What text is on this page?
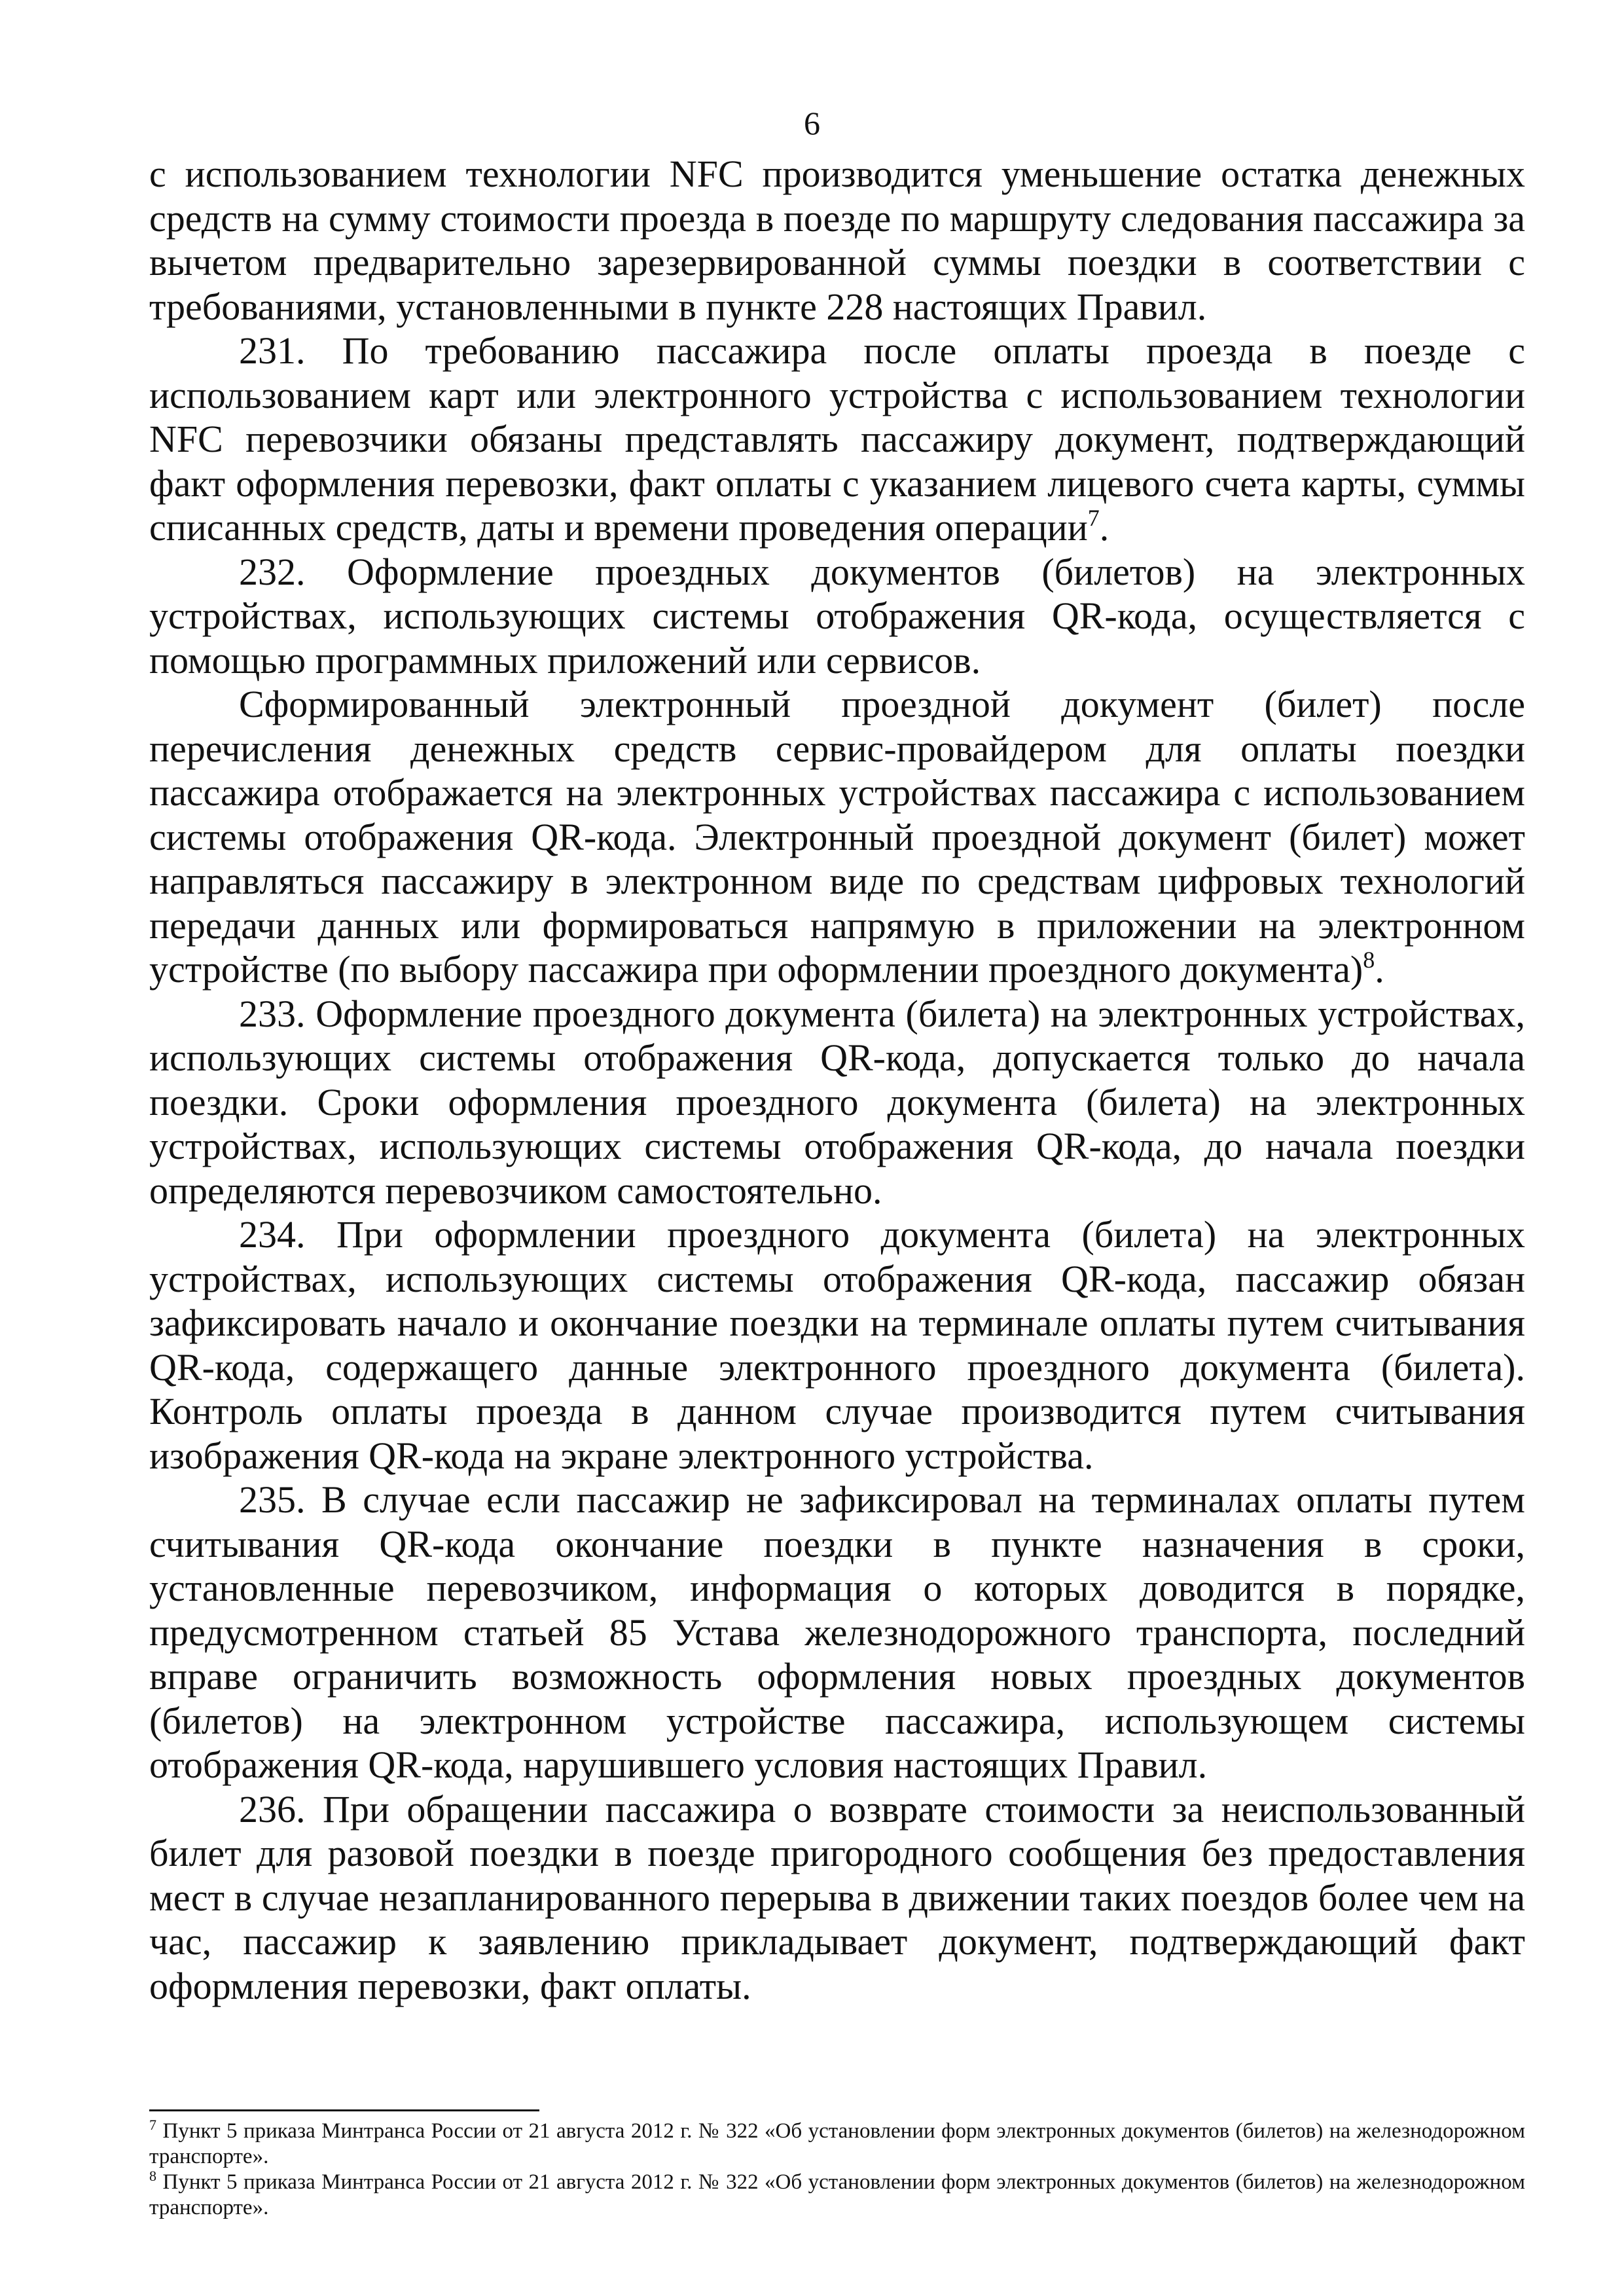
6

с использованием технологии NFC производится уменьшение остатка денежных средств на сумму стоимости проезда в поезде по маршруту следования пассажира за вычетом предварительно зарезервированной суммы поездки в соответствии с требованиями, установленными в пункте 228 настоящих Правил.

231. По требованию пассажира после оплаты проезда в поезде с использованием карт или электронного устройства с использованием технологии NFC перевозчики обязаны представлять пассажиру документ, подтверждающий факт оформления перевозки, факт оплаты с указанием лицевого счета карты, суммы списанных средств, даты и времени проведения операции$^7$.

232. Оформление проездных документов (билетов) на электронных устройствах, использующих системы отображения QR-кода, осуществляется с помощью программных приложений или сервисов.

Сформированный электронный проездной документ (билет) после перечисления денежных средств сервис-провайдером для оплаты поездки пассажира отображается на электронных устройствах пассажира с использованием системы отображения QR-кода. Электронный проездной документ (билет) может направляться пассажиру в электронном виде по средствам цифровых технологий передачи данных или формироваться напрямую в приложении на электронном устройстве (по выбору пассажира при оформлении проездного документа)$^8$.

233. Оформление проездного документа (билета) на электронных устройствах, использующих системы отображения QR-кода, допускается только до начала поездки. Сроки оформления проездного документа (билета) на электронных устройствах, использующих системы отображения QR-кода, до начала поездки определяются перевозчиком самостоятельно.

234. При оформлении проездного документа (билета) на электронных устройствах, использующих системы отображения QR-кода, пассажир обязан зафиксировать начало и окончание поездки на терминале оплаты путем считывания QR-кода, содержащего данные электронного проездного документа (билета). Контроль оплаты проезда в данном случае производится путем считывания изображения QR-кода на экране электронного устройства.

235. В случае если пассажир не зафиксировал на терминалах оплаты путем считывания QR-кода окончание поездки в пункте назначения в сроки, установленные перевозчиком, информация о которых доводится в порядке, предусмотренном статьей 85 Устава железнодорожного транспорта, последний вправе ограничить возможность оформления новых проездных документов (билетов) на электронном устройстве пассажира, использующем системы отображения QR-кода, нарушившего условия настоящих Правил.

236. При обращении пассажира о возврате стоимости за неиспользованный билет для разовой поездки в поезде пригородного сообщения без предоставления мест в случае незапланированного перерыва в движении таких поездов более чем на час, пассажир к заявлению прикладывает документ, подтверждающий факт оформления перевозки, факт оплаты.

$^7$ Пункт 5 приказа Минтранса России от 21 августа 2012 г. № 322 «Об установлении форм электронных документов (билетов) на железнодорожном транспорте».

$^8$ Пункт 5 приказа Минтранса России от 21 августа 2012 г. № 322 «Об установлении форм электронных документов (билетов) на железнодорожном транспорте».
